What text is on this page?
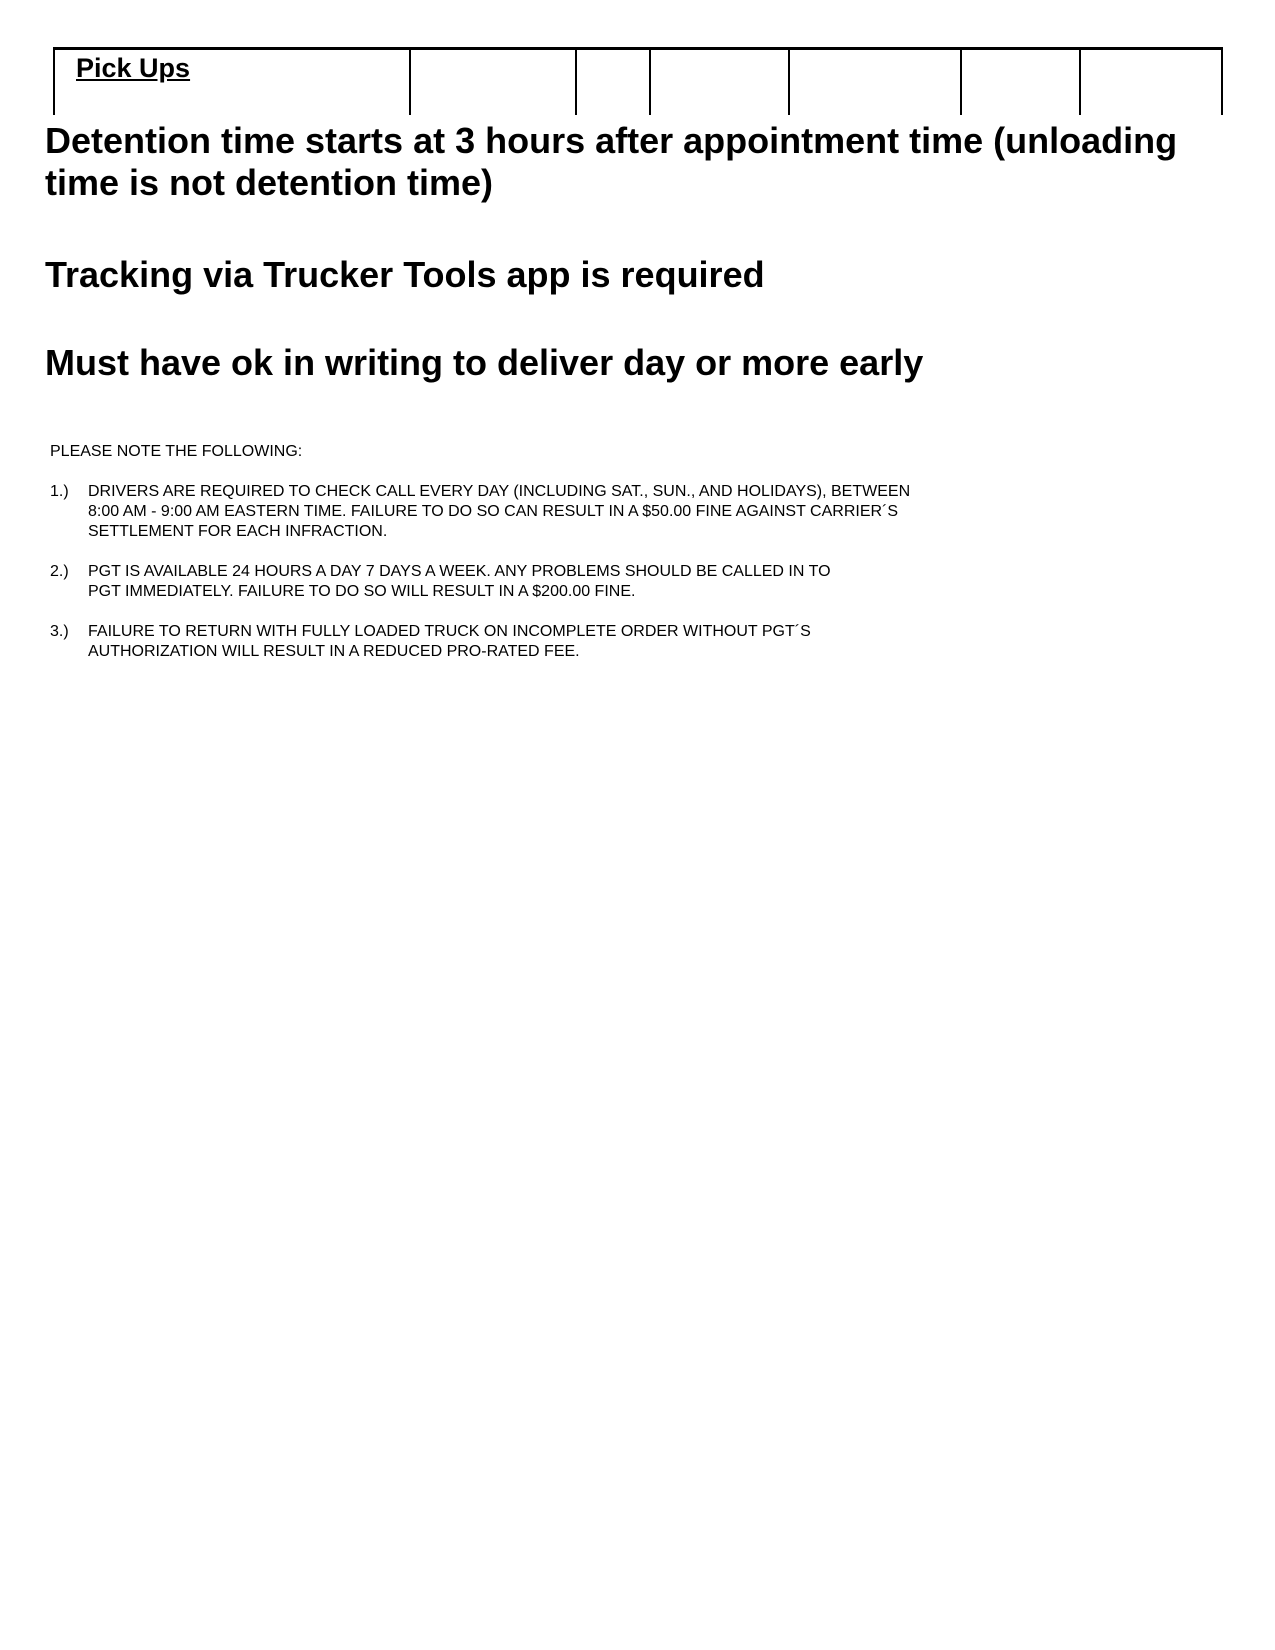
Pick Ups						

Detention time starts at 3 hours after appointment time (unloading
time is not detention time)

Tracking via Trucker Tools app is required

Must have ok in writing to deliver day or more early

PLEASE NOTE THE FOLLOWING:

1.)	DRIVERS ARE REQUIRED TO CHECK CALL EVERY DAY (INCLUDING SAT., SUN., AND HOLIDAYS), BETWEEN
8:00 AM - 9:00 AM EASTERN TIME. FAILURE TO DO SO CAN RESULT IN A $50.00 FINE AGAINST CARRIER´S
SETTLEMENT FOR EACH INFRACTION.
2.)	PGT IS AVAILABLE 24 HOURS A DAY 7 DAYS A WEEK. ANY PROBLEMS SHOULD BE CALLED IN TO
PGT IMMEDIATELY. FAILURE TO DO SO WILL RESULT IN A $200.00 FINE.
3.)	FAILURE TO RETURN WITH FULLY LOADED TRUCK ON INCOMPLETE ORDER WITHOUT PGT´S
AUTHORIZATION WILL RESULT IN A REDUCED PRO-RATED FEE.
